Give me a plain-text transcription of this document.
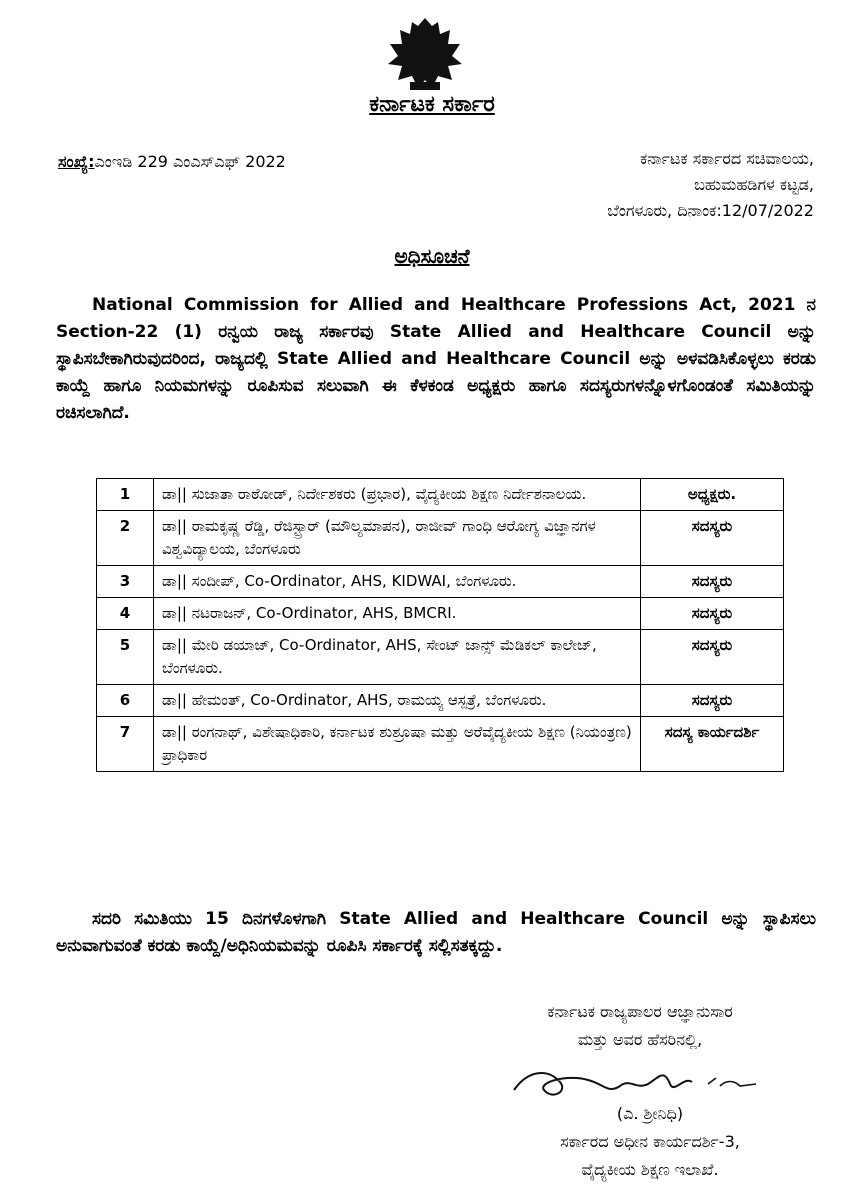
ಕರ್ನಾಟಕ ಸರ್ಕಾರ
ಸಂಖ್ಯೆ:ಎಂಇಡಿ 229 ಎಂಎಸ್ಎಫ್ 2022	ಕರ್ನಾಟಕ ಸರ್ಕಾರದ ಸಚಿವಾಲಯ,
ಬಹುಮಹಡಿಗಳ ಕಟ್ಟಡ,
ಬೆಂಗಳೂರು, ದಿನಾಂಕ:12/07/2022
ಅಧಿಸೂಚನೆ
National Commission for Allied and Healthcare Professions Act, 2021 ನ Section-22 (1) ರನ್ವಯ ರಾಜ್ಯ ಸರ್ಕಾರವು State Allied and Healthcare Council ಅನ್ನು ಸ್ಥಾಪಿಸಬೇಕಾಗಿರುವುದರಿಂದ, ರಾಜ್ಯದಲ್ಲಿ State Allied and Healthcare Council ಅನ್ನು ಅಳವಡಿಸಿಕೊಳ್ಳಲು ಕರಡು ಕಾಯ್ದೆ ಹಾಗೂ ನಿಯಮಗಳನ್ನು ರೂಪಿಸುವ ಸಲುವಾಗಿ ಈ ಕೆಳಕಂಡ ಅಧ್ಯಕ್ಷರು ಹಾಗೂ ಸದಸ್ಯರುಗಳನ್ನೊಳಗೊಂಡಂತೆ ಸಮಿತಿಯನ್ನು ರಚಿಸಲಾಗಿದೆ.
1	ಡಾ|| ಸುಜಾತಾ ರಾಠೋಡ್, ನಿರ್ದೇಶಕರು (ಪ್ರಭಾರ), ವೈದ್ಯಕೀಯ ಶಿಕ್ಷಣ ನಿರ್ದೇಶನಾಲಯ.	ಅಧ್ಯಕ್ಷರು.
2	ಡಾ|| ರಾಮಕೃಷ್ಣ ರೆಡ್ಡಿ, ರೆಜಿಸ್ಟ್ರಾರ್ (ಮೌಲ್ಯಮಾಪನ), ರಾಜೀವ್ ಗಾಂಧಿ ಆರೋಗ್ಯ ವಿಜ್ಞಾನಗಳ ವಿಶ್ವವಿದ್ಯಾಲಯ, ಬೆಂಗಳೂರು	ಸದಸ್ಯರು
3	ಡಾ|| ಸಂದೀಪ್, Co-Ordinator, AHS, KIDWAI, ಬೆಂಗಳೂರು.	ಸದಸ್ಯರು
4	ಡಾ|| ನಟರಾಜನ್, Co-Ordinator, AHS, BMCRI.	ಸದಸ್ಯರು
5	ಡಾ|| ಮೇರಿ ಡಯಾಜ್, Co-Ordinator, AHS, ಸೇಂಟ್ ಜಾನ್ಸ್ ಮೆಡಿಕಲ್ ಕಾಲೇಜ್, ಬೆಂಗಳೂರು.	ಸದಸ್ಯರು
6	ಡಾ|| ಹೇಮಂತ್, Co-Ordinator, AHS, ರಾಮಯ್ಯ ಆಸ್ಪತ್ರೆ, ಬೆಂಗಳೂರು.	ಸದಸ್ಯರು
7	ಡಾ|| ರಂಗನಾಥ್, ವಿಶೇಷಾಧಿಕಾರಿ, ಕರ್ನಾಟಕ ಶುಶ್ರೂಷಾ ಮತ್ತು ಅರೆವೈದ್ಯಕೀಯ ಶಿಕ್ಷಣ (ನಿಯಂತ್ರಣ) ಪ್ರಾಧಿಕಾರ	ಸದಸ್ಯ ಕಾರ್ಯದರ್ಶಿ
ಸದರಿ ಸಮಿತಿಯು 15 ದಿನಗಳೊಳಗಾಗಿ State Allied and Healthcare Council ಅನ್ನು ಸ್ಥಾಪಿಸಲು ಅನುವಾಗುವಂತೆ ಕರಡು ಕಾಯ್ದೆ/ಅಧಿನಿಯಮವನ್ನು ರೂಪಿಸಿ ಸರ್ಕಾರಕ್ಕೆ ಸಲ್ಲಿಸತಕ್ಕದ್ದು.
ಕರ್ನಾಟಕ ರಾಜ್ಯಪಾಲರ ಆಜ್ಞಾನುಸಾರ
ಮತ್ತು ಅವರ ಹೆಸರಿನಲ್ಲಿ,
(ಎ. ಶ್ರೀನಿಧಿ)
ಸರ್ಕಾರದ ಅಧೀನ ಕಾರ್ಯದರ್ಶಿ-3,
ವೈದ್ಯಕೀಯ ಶಿಕ್ಷಣ ಇಲಾಖೆ.
